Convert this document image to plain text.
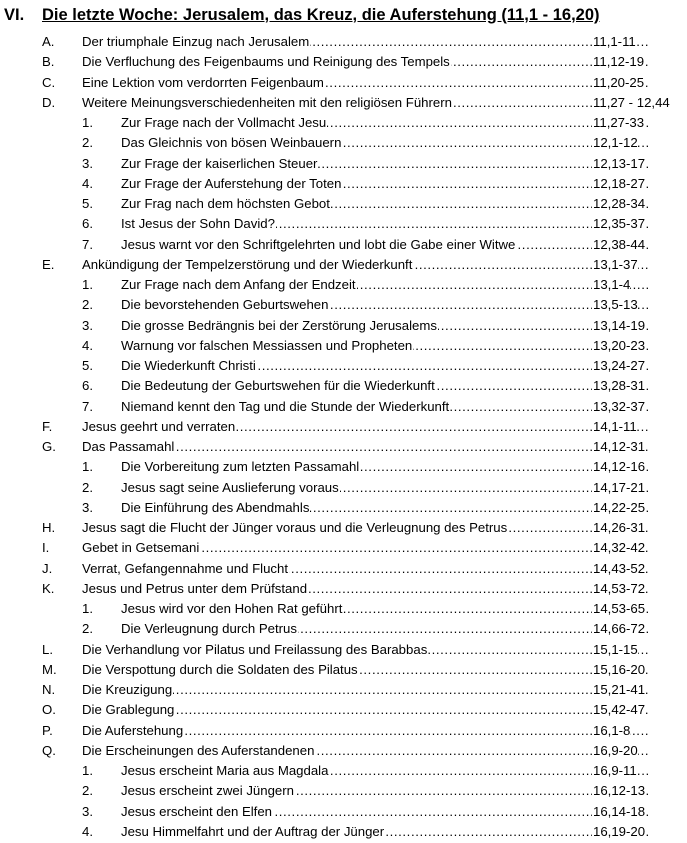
VI. Die letzte Woche: Jerusalem, das Kreuz, die Auferstehung (11,1 - 16,20)
A. ..... Der triumphale Einzug nach Jerusalem	11,1-11
B. ..... Die Verfluchung des Feigenbaums und Reinigung des Tempels	11,12-19
C. ..... Eine Lektion vom verdorrten Feigenbaum	11,20-25
D. ..... Weitere Meinungsverschiedenheiten mit den religiösen Führern	11,27 - 12,44
1. ..... Zur Frage nach der Vollmacht Jesu	11,27-33
2. ..... Das Gleichnis von bösen Weinbauern	12,1-12
3. ..... Zur Frage der kaiserlichen Steuer	12,13-17
4. ..... Zur Frage der Auferstehung der Toten	12,18-27
5. ..... Zur Frag nach dem höchsten Gebot	12,28-34
6. ..... Ist Jesus der Sohn David?	12,35-37
7. ..... Jesus warnt vor den Schriftgelehrten und lobt die Gabe einer Witwe	12,38-44
E. ..... Ankündigung der Tempelzerstörung und der Wiederkunft	13,1-37
1. ..... Zur Frage nach dem Anfang der Endzeit	13,1-4
2. ..... Die bevorstehenden Geburtswehen	13,5-13
3. ..... Die grosse Bedrängnis bei der Zerstörung Jerusalems	13,14-19
4. ..... Warnung vor falschen Messiassen und Propheten	13,20-23
5. ..... Die Wiederkunft Christi	13,24-27
6. ..... Die Bedeutung der Geburtswehen für die Wiederkunft	13,28-31
7. ..... Niemand kennt den Tag und die Stunde der Wiederkunft	13,32-37
F. ..... Jesus geehrt und verraten	14,1-11
G. ..... Das Passamahl	14,12-31
1. ..... Die Vorbereitung zum letzten Passamahl	14,12-16
2. ..... Jesus sagt seine Auslieferung voraus	14,17-21
3. ..... Die Einführung des Abendmahls	14,22-25
H. ..... Jesus sagt die Flucht der Jünger voraus und die Verleugnung des Petrus	14,26-31
I. ..... Gebet in Getsemani	14,32-42
J. ..... Verrat, Gefangennahme und Flucht	14,43-52
K. ..... Jesus und Petrus unter dem Prüfstand	14,53-72
1. ..... Jesus wird vor den Hohen Rat geführt	14,53-65
2. ..... Die Verleugnung durch Petrus	14,66-72
L. ..... Die Verhandlung vor Pilatus und Freilassung des Barabbas	15,1-15
M. ..... Die Verspottung durch die Soldaten des Pilatus	15,16-20
N. ..... Die Kreuzigung	15,21-41
O. ..... Die Grablegung	15,42-47
P. ..... Die Auferstehung	16,1-8
Q. ..... Die Erscheinungen des Auferstandenen	16,9-20
1. ..... Jesus erscheint Maria aus Magdala	16,9-11
2. ..... Jesus erscheint zwei Jüngern	16,12-13
3. ..... Jesus erscheint den Elfen	16,14-18
4. ..... Jesu Himmelfahrt und der Auftrag der Jünger	16,19-20
